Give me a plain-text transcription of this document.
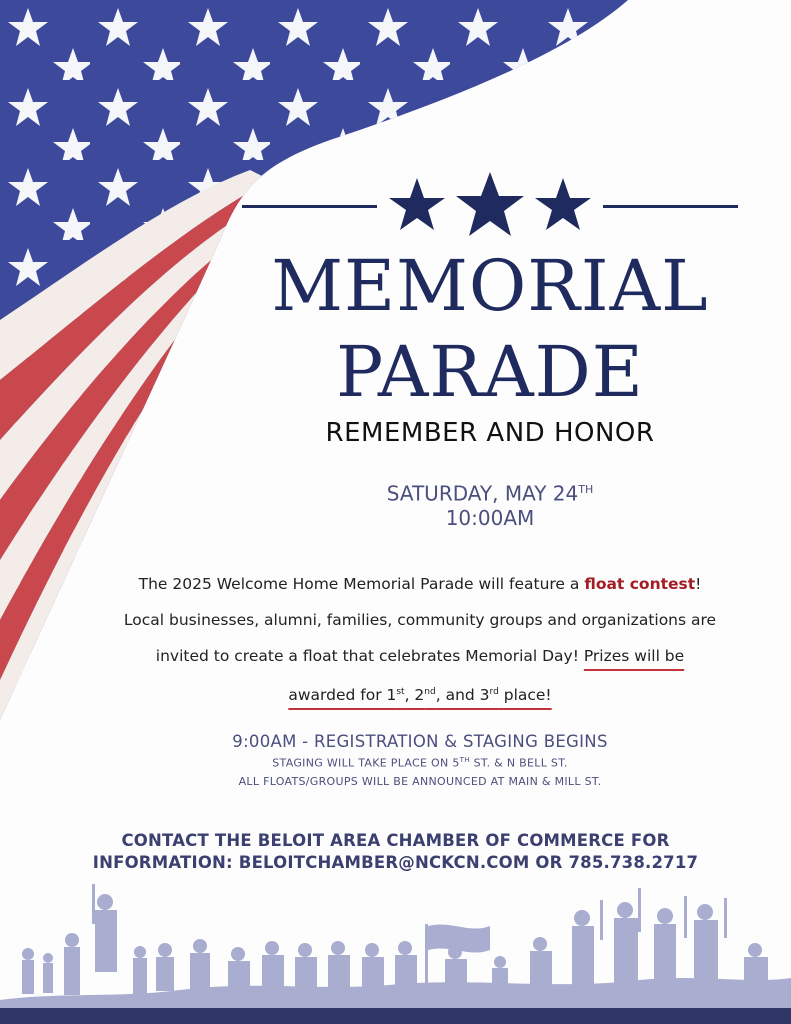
MEMORIAL
PARADE
REMEMBER AND HONOR
SATURDAY, MAY 24TH
10:00AM
The 2025 Welcome Home Memorial Parade will feature a float contest! Local businesses, alumni, families, community groups and organizations are invited to create a float that celebrates Memorial Day! Prizes will be awarded for 1st, 2nd, and 3rd place!
9:00AM - REGISTRATION & STAGING BEGINS
STAGING WILL TAKE PLACE ON 5TH ST. & N BELL ST.
ALL FLOATS/GROUPS WILL BE ANNOUNCED AT MAIN & MILL ST.
CONTACT THE BELOIT AREA CHAMBER OF COMMERCE FOR
INFORMATION: BELOITCHAMBER@NCKCN.COM OR 785.738.2717
